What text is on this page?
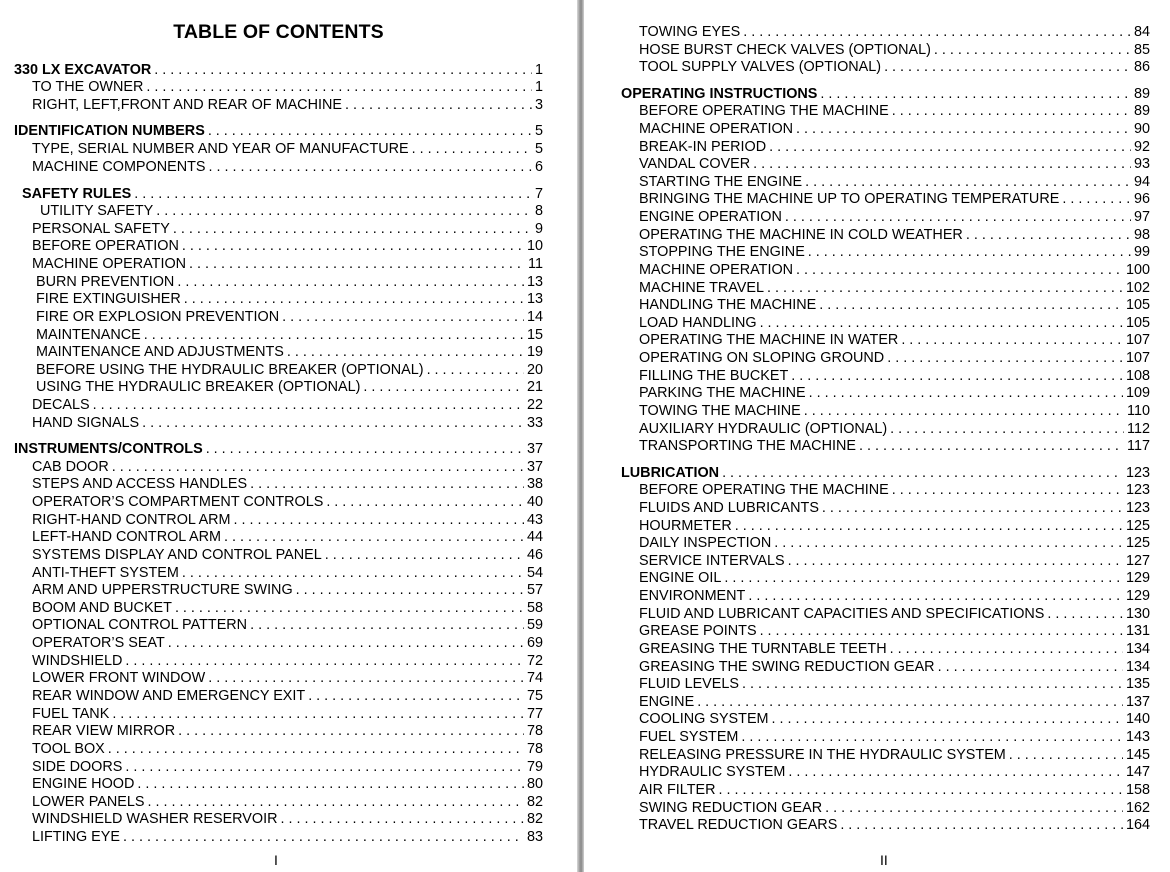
TABLE OF CONTENTS
330 LX EXCAVATOR . . .	1
TO THE OWNER . . .	1
RIGHT, LEFT,FRONT AND REAR OF MACHINE . . .	3
IDENTIFICATION NUMBERS . . .	5
TYPE, SERIAL NUMBER AND YEAR OF MANUFACTURE . . .	5
MACHINE COMPONENTS . . .	6
SAFETY RULES . . .	7
UTILITY SAFETY . . .	8
PERSONAL SAFETY . . .	9
BEFORE OPERATION . . .	10
MACHINE OPERATION . . .	11
BURN PREVENTION . . .	13
FIRE EXTINGUISHER . . .	13
FIRE OR EXPLOSION PREVENTION . . .	14
MAINTENANCE . . .	15
MAINTENANCE AND ADJUSTMENTS . . .	19
BEFORE USING THE HYDRAULIC BREAKER (OPTIONAL) . . .	20
USING THE HYDRAULIC BREAKER (OPTIONAL) . . .	21
DECALS . . .	22
HAND SIGNALS . . .	33
INSTRUMENTS/CONTROLS . . .	37
CAB DOOR . . .	37
STEPS AND ACCESS HANDLES . . .	38
OPERATOR’S COMPARTMENT CONTROLS . . .	40
RIGHT-HAND CONTROL ARM . . .	43
LEFT-HAND CONTROL ARM . . .	44
SYSTEMS DISPLAY AND CONTROL PANEL . . .	46
ANTI-THEFT SYSTEM . . .	54
ARM AND UPPERSTRUCTURE SWING . . .	57
BOOM AND BUCKET . . .	58
OPTIONAL CONTROL PATTERN . . .	59
OPERATOR’S SEAT . . .	69
WINDSHIELD . . .	72
LOWER FRONT WINDOW . . .	74
REAR WINDOW AND EMERGENCY EXIT . . .	75
FUEL TANK . . .	77
REAR VIEW MIRROR . . .	78
TOOL BOX . . .	78
SIDE DOORS . . .	79
ENGINE HOOD . . .	80
LOWER PANELS . . .	82
WINDSHIELD WASHER RESERVOIR . . .	82
LIFTING EYE . . .	83
I
TOWING EYES . . .	84
HOSE BURST CHECK VALVES (OPTIONAL) . . .	85
TOOL SUPPLY VALVES (OPTIONAL) . . .	86
OPERATING INSTRUCTIONS . . .	89
BEFORE OPERATING THE MACHINE . . .	89
MACHINE OPERATION . . .	90
BREAK-IN PERIOD . . .	92
VANDAL COVER . . .	93
STARTING THE ENGINE . . .	94
BRINGING THE MACHINE UP TO OPERATING TEMPERATURE . . .	96
ENGINE OPERATION . . .	97
OPERATING THE MACHINE IN COLD WEATHER . . .	98
STOPPING THE ENGINE . . .	99
MACHINE OPERATION . . .	100
MACHINE TRAVEL . . .	102
HANDLING THE MACHINE . . .	105
LOAD HANDLING . . .	105
OPERATING THE MACHINE IN WATER . . .	107
OPERATING ON SLOPING GROUND . . .	107
FILLING THE BUCKET . . .	108
PARKING THE MACHINE . . .	109
TOWING THE MACHINE . . .	110
AUXILIARY HYDRAULIC (OPTIONAL) . . .	112
TRANSPORTING THE MACHINE . . .	117
LUBRICATION . . .	123
BEFORE OPERATING THE MACHINE . . .	123
FLUIDS AND LUBRICANTS . . .	123
HOURMETER . . .	125
DAILY INSPECTION . . .	125
SERVICE INTERVALS . . .	127
ENGINE OIL . . .	129
ENVIRONMENT . . .	129
FLUID AND LUBRICANT CAPACITIES AND SPECIFICATIONS . . .	130
GREASE POINTS . . .	131
GREASING THE TURNTABLE TEETH . . .	134
GREASING THE SWING REDUCTION GEAR . . .	134
FLUID LEVELS . . .	135
ENGINE . . .	137
COOLING SYSTEM . . .	140
FUEL SYSTEM . . .	143
RELEASING PRESSURE IN THE HYDRAULIC SYSTEM . . .	145
HYDRAULIC SYSTEM . . .	147
AIR FILTER . . .	158
SWING REDUCTION GEAR . . .	162
TRAVEL REDUCTION GEARS . . .	164
II
